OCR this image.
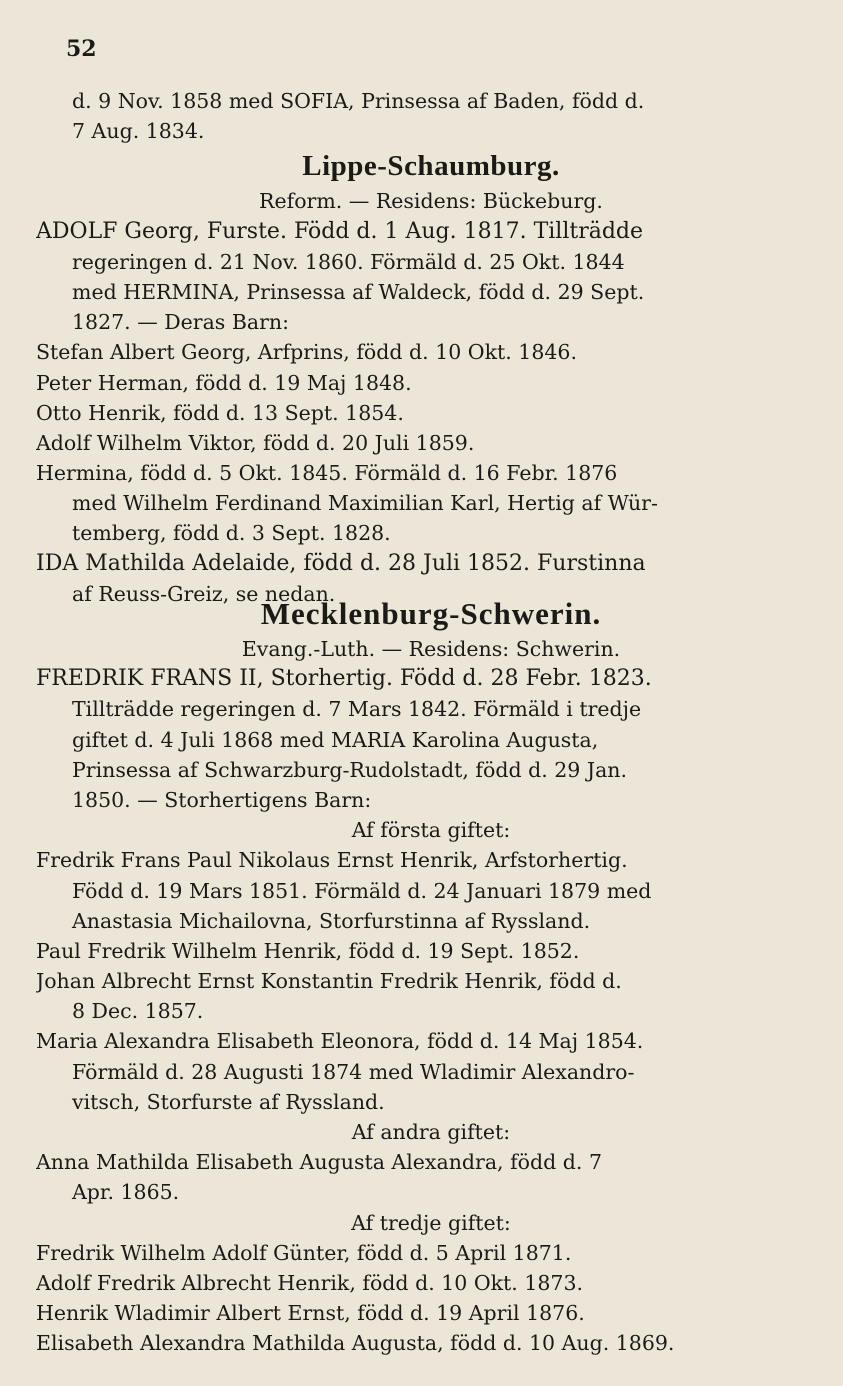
52
d. 9 Nov. 1858 med SOFIA, Prinsessa af Baden, född d.
7 Aug. 1834.
Lippe-Schaumburg.
Reform. — Residens: Bückeburg.
ADOLF Georg, Furste. Född d. 1 Aug. 1817. Tillträdde
regeringen d. 21 Nov. 1860. Förmäld d. 25 Okt. 1844
med HERMINA, Prinsessa af Waldeck, född d. 29 Sept.
1827. — Deras Barn:
Stefan Albert Georg, Arfprins, född d. 10 Okt. 1846.
Peter Herman, född d. 19 Maj 1848.
Otto Henrik, född d. 13 Sept. 1854.
Adolf Wilhelm Viktor, född d. 20 Juli 1859.
Hermina, född d. 5 Okt. 1845. Förmäld d. 16 Febr. 1876
med Wilhelm Ferdinand Maximilian Karl, Hertig af Wür-
temberg, född d. 3 Sept. 1828.
IDA Mathilda Adelaide, född d. 28 Juli 1852. Furstinna
af Reuss-Greiz, se nedan.
Mecklenburg-Schwerin.
Evang.-Luth. — Residens: Schwerin.
FREDRIK FRANS II, Storhertig. Född d. 28 Febr. 1823.
Tillträdde regeringen d. 7 Mars 1842. Förmäld i tredje
giftet d. 4 Juli 1868 med MARIA Karolina Augusta,
Prinsessa af Schwarzburg-Rudolstadt, född d. 29 Jan.
1850. — Storhertigens Barn:
Af första giftet:
Fredrik Frans Paul Nikolaus Ernst Henrik, Arfstorhertig.
Född d. 19 Mars 1851. Förmäld d. 24 Januari 1879 med
Anastasia Michailovna, Storfurstinna af Ryssland.
Paul Fredrik Wilhelm Henrik, född d. 19 Sept. 1852.
Johan Albrecht Ernst Konstantin Fredrik Henrik, född d.
8 Dec. 1857.
Maria Alexandra Elisabeth Eleonora, född d. 14 Maj 1854.
Förmäld d. 28 Augusti 1874 med Wladimir Alexandro-
vitsch, Storfurste af Ryssland.
Af andra giftet:
Anna Mathilda Elisabeth Augusta Alexandra, född d. 7
Apr. 1865.
Af tredje giftet:
Fredrik Wilhelm Adolf Günter, född d. 5 April 1871.
Adolf Fredrik Albrecht Henrik, född d. 10 Okt. 1873.
Henrik Wladimir Albert Ernst, född d. 19 April 1876.
Elisabeth Alexandra Mathilda Augusta, född d. 10 Aug. 1869.
